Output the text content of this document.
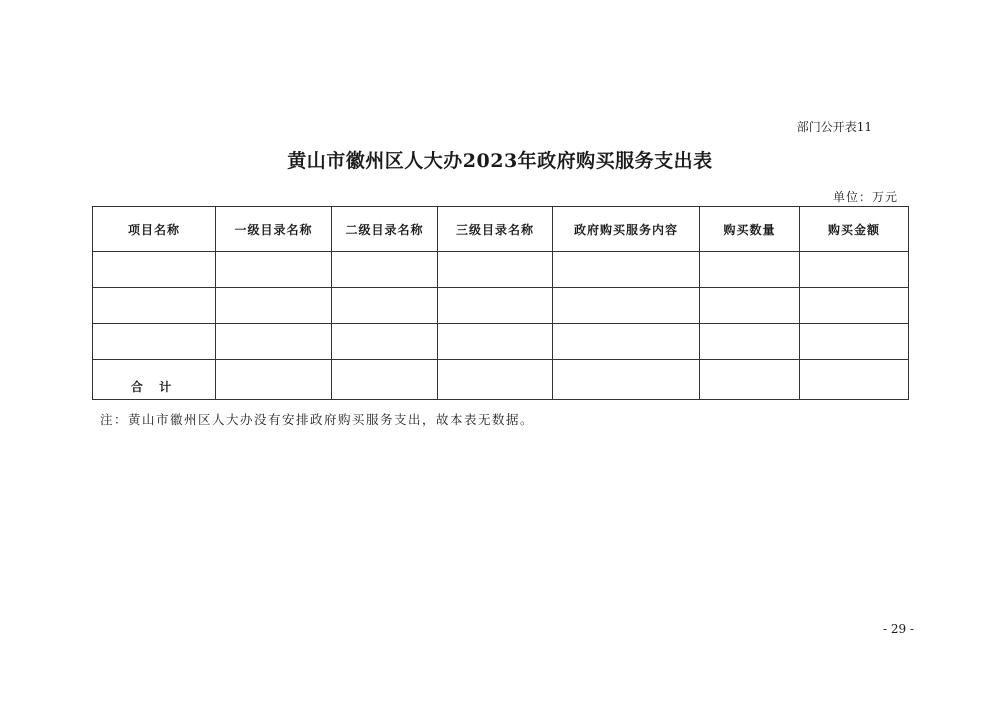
部门公开表11
黄山市徽州区人大办2023年政府购买服务支出表
单位：万元
项目名称	一级目录名称	二级目录名称	三级目录名称	政府购买服务内容	购买数量	购买金额

合 计						
注：黄山市徽州区人大办没有安排政府购买服务支出，故本表无数据。
- 29 -
